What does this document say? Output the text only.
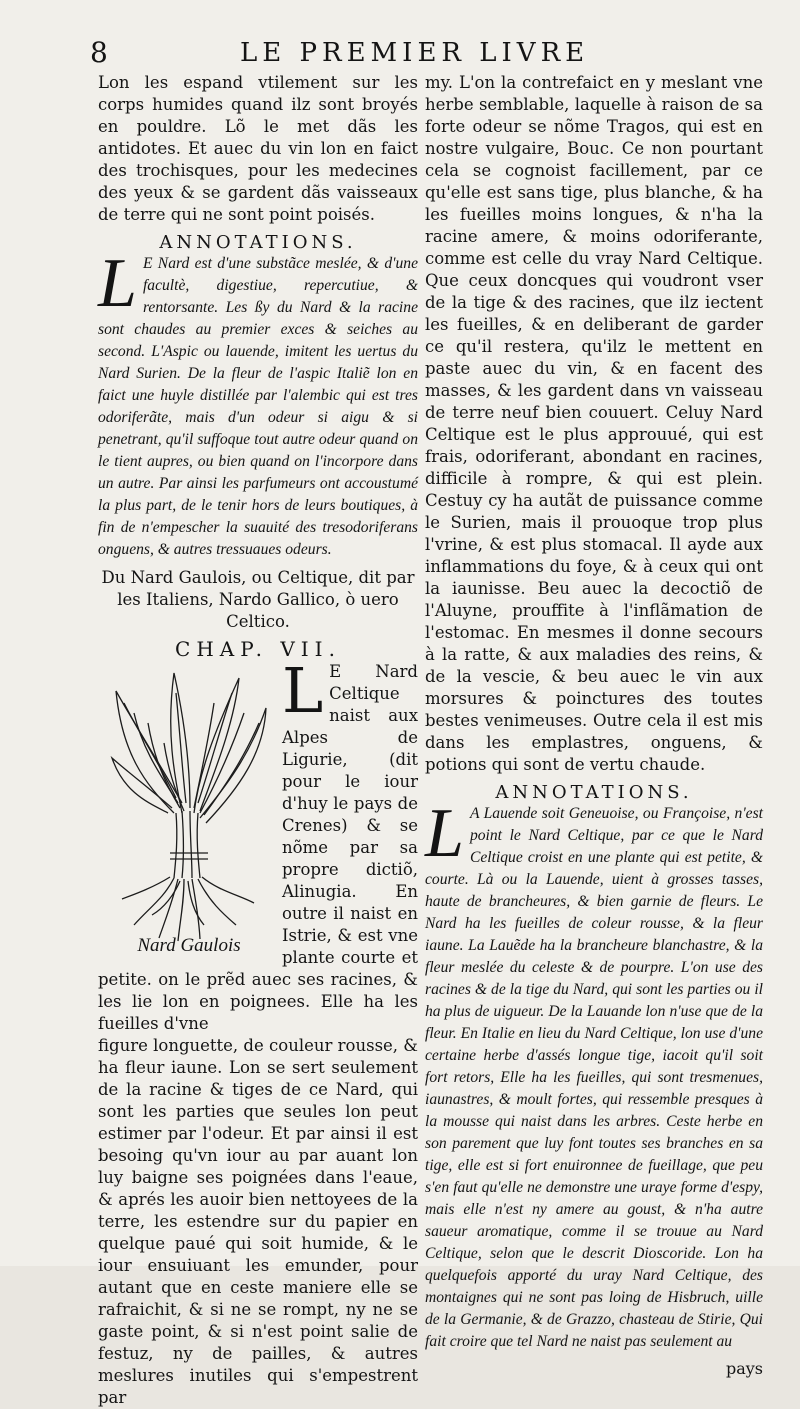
8	LE PREMIER LIVRE

Lon les espand vtilement sur les corps humides quand ilz sont broyés en pouldre. Lõ le met dãs les antidotes. Et auec du vin lon en faict des trochisques, pour les medecines des yeux & se gardent dãs vaisseaux de terre qui ne sont point poisés.

ANNOTATIONS.

L E Nard est d'une substãce meslée, & d'une facultè, digestiue, repercutiue, & rentorsante. Les ßy du Nard & la racine sont chaudes au premier exces & seiches au second. L'Aspic ou lauende, imitent les uertus du Nard Surien. De la fleur de l'aspic Italiẽ lon en faict une huyle distillée par l'alembic qui est tres odoriferãte, mais d'un odeur si aigu & si penetrant, qu'il suffoque tout autre odeur quand on le tient aupres, ou bien quand on l'incorpore dans un autre. Par ainsi les parfumeurs ont accoustumé la plus part, de le tenir hors de leurs boutiques, à fin de n'empescher la suauité des tresodoriferans onguens, & autres tressuaues odeurs.

Du Nard Gaulois, ou Celtique, dit par les Italiens, Nardo Gallico, ò uero Celtico.
CHAP. VII.
Nard Gaulois

L E Nard Celtique naist aux Alpes de Ligurie, (dit pour le iour d'huy le pays de Crenes) & se nõme par sa propre dictiõ, Alinugia. En outre il naist en Istrie, & est vne plante courte et petite. on le prẽd auec ses racines, & les lie lon en poignees. Elle ha les fueilles d'vne

figure longuette, de couleur rousse, & ha fleur iaune. Lon se sert seulement de la racine & tiges de ce Nard, qui sont les parties que seules lon peut estimer par l'odeur. Et par ainsi il est besoing qu'vn iour au par auant lon luy baigne ses poignées dans l'eaue, & aprés les auoir bien nettoyees de la terre, les estendre sur du papier en quelque paué qui soit humide, & le iour ensuiuant les emunder, pour autant que en ceste maniere elle se rafraichit, & si ne se rompt, ny ne se gaste point, & si n'est point salie de festuz, ny de pailles, & autres meslures inutiles qui s'empestrent par

my. L'on la contrefaict en y meslant vne herbe semblable, laquelle à raison de sa forte odeur se nõme Tragos, qui est en nostre vulgaire, Bouc. Ce non pourtant cela se cognoist facillement, par ce qu'elle est sans tige, plus blanche, & ha les fueilles moins longues, & n'ha la racine amere, & moins odoriferante, comme est celle du vray Nard Celtique. Que ceux doncques qui voudront vser de la tige & des racines, que ilz iectent les fueilles, & en deliberant de garder ce qu'il restera, qu'ilz le mettent en paste auec du vin, & en facent des masses, & les gardent dans vn vaisseau de terre neuf bien couuert. Celuy Nard Celtique est le plus approuué, qui est frais, odoriferant, abondant en racines, difficile à rompre, & qui est plein. Cestuy cy ha autãt de puissance comme le Surien, mais il prouoque trop plus l'vrine, & est plus stomacal. Il ayde aux inflammations du foye, & à ceux qui ont la iaunisse. Beu auec la decoctiõ de l'Aluyne, prouffite à l'inflãmation de l'estomac. En mesmes il donne secours à la ratte, & aux maladies des reins, & de la vescie, & beu auec le vin aux morsures & poinctures des toutes bestes venimeuses. Outre cela il est mis dans les emplastres, onguens, & potions qui sont de vertu chaude.

ANNOTATIONS.

L A Lauende soit Geneuoise, ou Françoise, n'est point le Nard Celtique, par ce que le Nard Celtique croist en une plante qui est petite, & courte. Là ou la Lauende, uient à grosses tasses, haute de brancheures, & bien garnie de fleurs. Le Nard ha les fueilles de coleur rousse, & la fleur iaune. La Lauẽde ha la brancheure blanchastre, & la fleur meslée du celeste & de pourpre. L'on use des racines & de la tige du Nard, qui sont les parties ou il ha plus de uigueur. De la Lauande lon n'use que de la fleur. En Italie en lieu du Nard Celtique, lon use d'une certaine herbe d'assés longue tige, iacoit qu'il soit fort retors, Elle ha les fueilles, qui sont tresmenues, iaunastres, & moult fortes, qui ressemble presques à la mousse qui naist dans les arbres. Ceste herbe en son parement que luy font toutes ses branches en sa tige, elle est si fort enuironnee de fueillage, que peu s'en faut qu'elle ne demonstre une uraye forme d'espy, mais elle n'est ny amere au goust, & n'ha autre saueur aromatique, comme il se trouue au Nard Celtique, selon que le descrit Dioscoride. Lon ha quelquefois apporté du uray Nard Celtique, des montaignes qui ne sont pas loing de Hisbruch, uille de la Germanie, & de Grazzo, chasteau de Stirie, Qui fait croire que tel Nard ne naist pas seulement au

pays
